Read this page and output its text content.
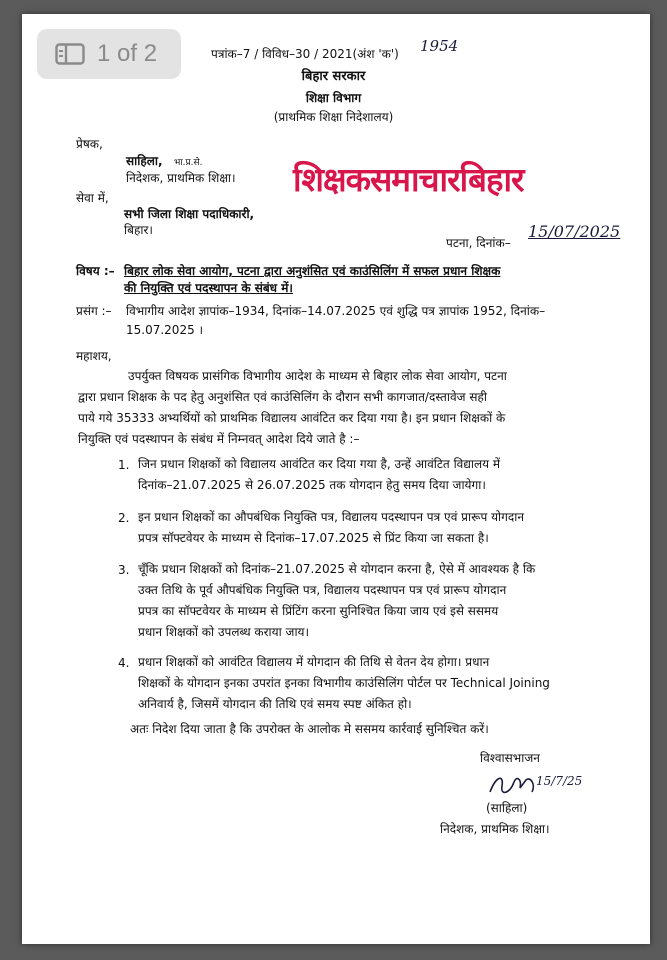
1 of 2	पत्रांक–7 / विविध–30 / 2021(अंश 'क') 1954
बिहार सरकार
शिक्षा विभाग
(प्राथमिक शिक्षा निदेशालय)
प्रेषक,
साहिला, भा.प्र.से.
निदेशक, प्राथमिक शिक्षा। शिक्षकसमाचारबिहार
सेवा में,
सभी जिला शिक्षा पदाधिकारी,
बिहार।
पटना, दिनांक–
15/07/2025
विषय :– बिहार लोक सेवा आयोग, पटना द्वारा अनुशंसित एवं काउंसिलिंग में सफल प्रधान शिक्षक
की नियुक्ति एवं पदस्थापन के संबंध में।
प्रसंग :– विभागीय आदेश ज्ञापांक–1934, दिनांक–14.07.2025 एवं शुद्धि पत्र ज्ञापांक 1952, दिनांक–
15.07.2025 ।
महाशय,
उपर्युक्त विषयक प्रासंगिक विभागीय आदेश के माध्यम से बिहार लोक सेवा आयोग, पटना
द्वारा प्रधान शिक्षक के पद हेतु अनुशंसित एवं काउंसिलिंग के दौरान सभी कागजात/दस्तावेज सही
पाये गये 35333 अभ्यर्थियों को प्राथमिक विद्यालय आवंटित कर दिया गया है। इन प्रधान शिक्षकों के
नियुक्ति एवं पदस्थापन के संबंध में निम्नवत् आदेश दिये जाते है :–
1. जिन प्रधान शिक्षकों को विद्यालय आवंटित कर दिया गया है, उन्हें आवंटित विद्यालय में
दिनांक–21.07.2025 से 26.07.2025 तक योगदान हेतु समय दिया जायेगा।
2. इन प्रधान शिक्षकों का औपबंधिक नियुक्ति पत्र, विद्यालय पदस्थापन पत्र एवं प्रारूप योगदान
प्रपत्र सॉफ्टवेयर के माध्यम से दिनांक–17.07.2025 से प्रिंट किया जा सकता है।
3. चूँकि प्रधान शिक्षकों को दिनांक–21.07.2025 से योगदान करना है, ऐसे में आवश्यक है कि
उक्त तिथि के पूर्व औपबंधिक नियुक्ति पत्र, विद्यालय पदस्थापन पत्र एवं प्रारूप योगदान
प्रपत्र का सॉफ्टवेयर के माध्यम से प्रिंटिंग करना सुनिश्चित किया जाय एवं इसे ससमय
प्रधान शिक्षकों को उपलब्ध कराया जाय।
4. प्रधान शिक्षकों को आवंटित विद्यालय में योगदान की तिथि से वेतन देय होगा। प्रधान
शिक्षकों के योगदान इनका उपरांत इनका विभागीय काउंसिलिंग पोर्टल पर Technical Joining
अनिवार्य है, जिसमें योगदान की तिथि एवं समय स्पष्ट अंकित हो।
अतः निदेश दिया जाता है कि उपरोक्त के आलोक मे ससमय कार्रवाई सुनिश्चित करें।
विश्वासभाजन
15/7/25
(साहिला)
निदेशक, प्राथमिक शिक्षा।
